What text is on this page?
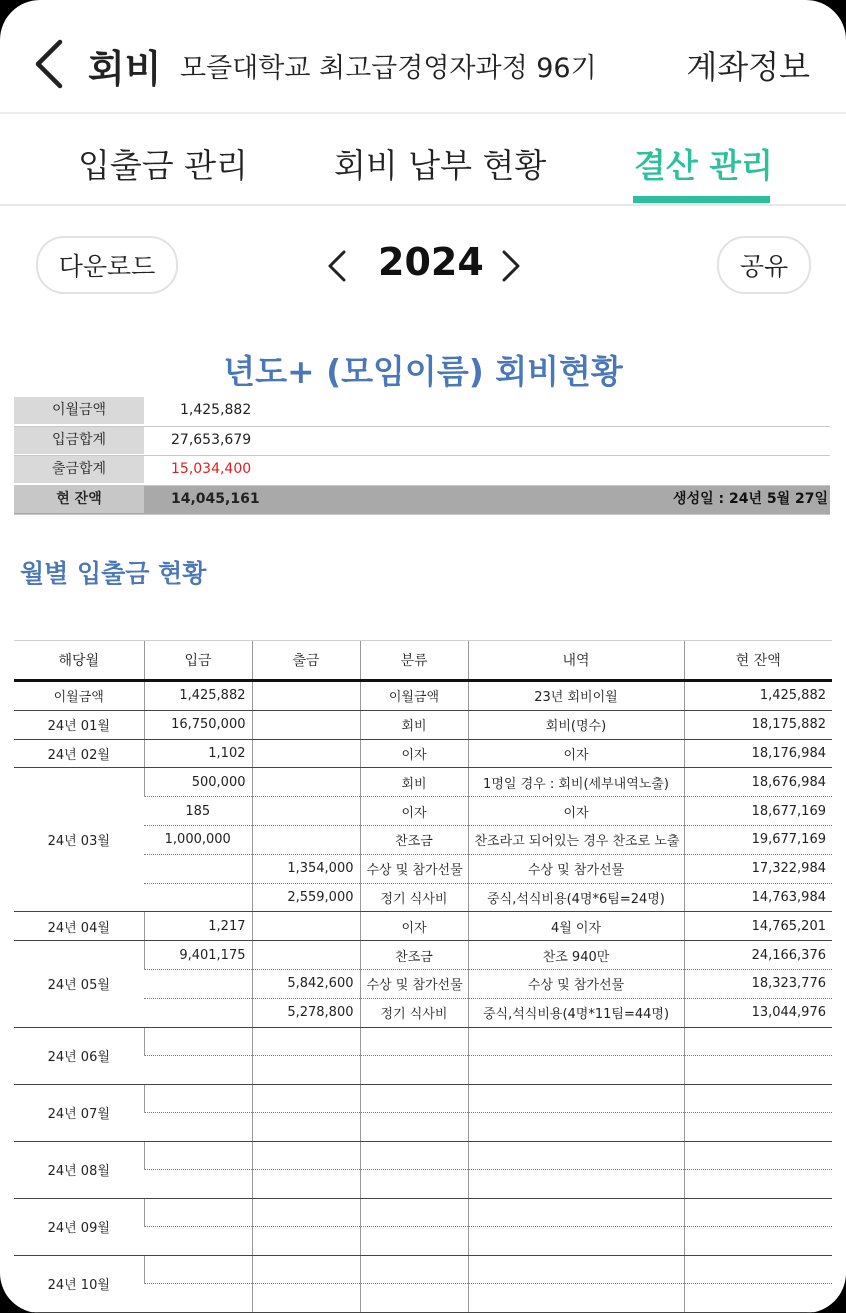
회비 모즐대학교 최고급경영자과정 96기	계좌정보
입출금 관리	회비 납부 현황	결산 관리
다운로드	2024	공유
년도+ (모임이름) 회비현황
이월금액	1,425,882
입금합계	27,653,679
출금합계	15,034,400
현 잔액	14,045,161	생성일 : 24년 5월 27일
월별 입출금 현황
해당월	입금	출금	분류	내역	현 잔액
이월금액	1,425,882		이월금액	23년 회비이월	1,425,882
24년 01월	16,750,000		회비	회비(명수)	18,175,882
24년 02월	1,102		이자	이자	18,176,984
24년 03월	500,000		회비	1명일 경우 : 회비(세부내역노출)	18,676,984
	185		이자	이자	18,677,169
	1,000,000		찬조금	찬조라고 되어있는 경우 찬조로 노출	19,677,169
		1,354,000	수상 및 참가선물	수상 및 참가선물	17,322,984
		2,559,000	정기 식사비	중식,석식비용(4명*6팀=24명)	14,763,984
24년 04월	1,217		이자	4월 이자	14,765,201
24년 05월	9,401,175		찬조금	찬조 940만	24,166,376
		5,842,600	수상 및 참가선물	수상 및 참가선물	18,323,776
		5,278,800	정기 식사비	중식,석식비용(4명*11팀=44명)	13,044,976
24년 06월					

24년 07월					

24년 08월					

24년 09월					

24년 10월					
